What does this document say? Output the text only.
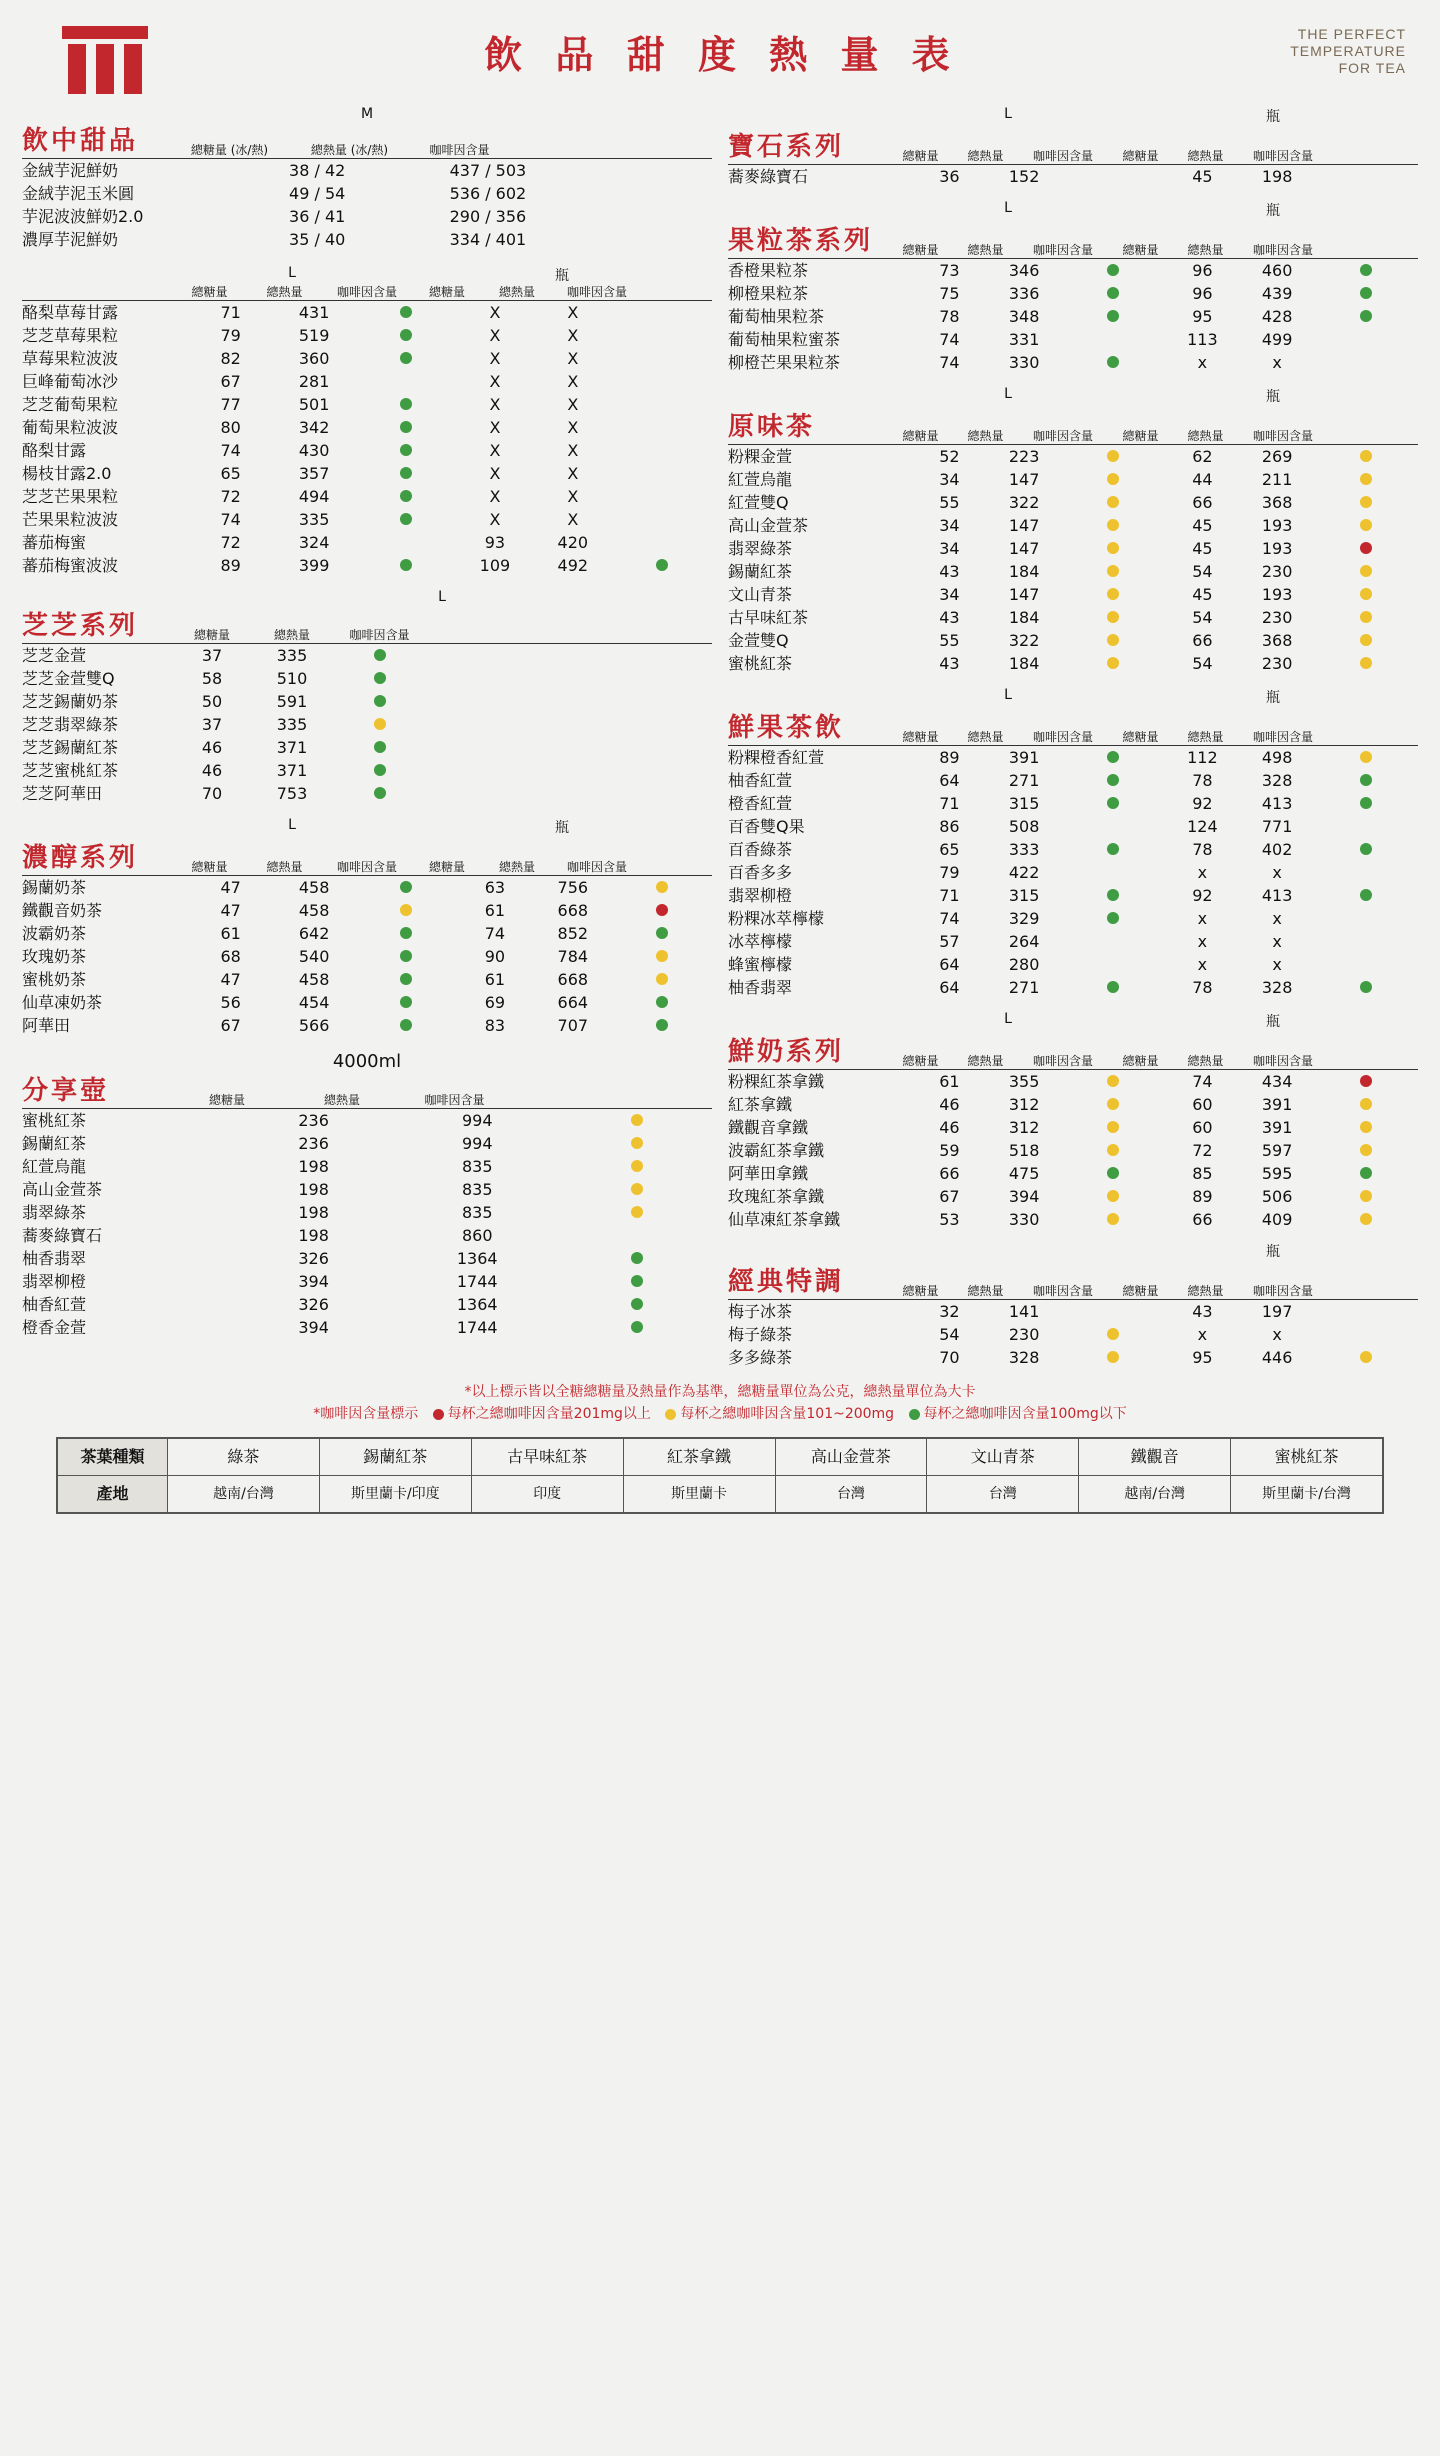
飲 品 甜 度 熱 量 表	THE PERFECT
TEMPERATURE
FOR TEA
M
飲中甜品	總糖量 (冰/熱)	總熱量 (冰/熱)	咖啡因含量
金絨芋泥鮮奶	38 / 42	437 / 503	
金絨芋泥玉米圓	49 / 54	536 / 602	
芋泥波波鮮奶2.0	36 / 41	290 / 356	
濃厚芋泥鮮奶	35 / 40	334 / 401	
L	瓶
總糖量	總熱量	咖啡因含量	總糖量	總熱量	咖啡因含量
酪梨草莓甘露	71	431		X	X	
芝芝草莓果粒	79	519		X	X	
草莓果粒波波	82	360		X	X	
巨峰葡萄冰沙	67	281		X	X	
芝芝葡萄果粒	77	501		X	X	
葡萄果粒波波	80	342		X	X	
酪梨甘露	74	430		X	X	
楊枝甘露2.0	65	357		X	X	
芝芝芒果果粒	72	494		X	X	
芒果果粒波波	74	335		X	X	
蕃茄梅蜜	72	324		93	420	
蕃茄梅蜜波波	89	399		109	492	
L
芝芝系列	總糖量	總熱量	咖啡因含量
芝芝金萱	37	335	
芝芝金萱雙Q	58	510	
芝芝錫蘭奶茶	50	591	
芝芝翡翠綠茶	37	335	
芝芝錫蘭紅茶	46	371	
芝芝蜜桃紅茶	46	371	
芝芝阿華田	70	753	
L	瓶
濃醇系列	總糖量	總熱量	咖啡因含量	總糖量	總熱量	咖啡因含量
錫蘭奶茶	47	458		63	756	
鐵觀音奶茶	47	458		61	668	
波霸奶茶	61	642		74	852	
玫瑰奶茶	68	540		90	784	
蜜桃奶茶	47	458		61	668	
仙草凍奶茶	56	454		69	664	
阿華田	67	566		83	707	
4000ml
分享壺	總糖量	總熱量	咖啡因含量
蜜桃紅茶	236	994	
錫蘭紅茶	236	994	
紅萱烏龍	198	835	
高山金萱茶	198	835	
翡翠綠茶	198	835	
蕎麥綠寶石	198	860	
柚香翡翠	326	1364	
翡翠柳橙	394	1744	
柚香紅萱	326	1364	
橙香金萱	394	1744	
L	瓶
寶石系列	總糖量	總熱量	咖啡因含量	總糖量	總熱量	咖啡因含量
蕎麥綠寶石	36	152		45	198	
L	瓶
果粒茶系列	總糖量	總熱量	咖啡因含量	總糖量	總熱量	咖啡因含量
香橙果粒茶	73	346		96	460	
柳橙果粒茶	75	336		96	439	
葡萄柚果粒茶	78	348		95	428	
葡萄柚果粒蜜茶	74	331		113	499	
柳橙芒果果粒茶	74	330		x	x	
L	瓶
原味茶	總糖量	總熱量	咖啡因含量	總糖量	總熱量	咖啡因含量
粉粿金萱	52	223		62	269	
紅萱烏龍	34	147		44	211	
紅萱雙Q	55	322		66	368	
高山金萱茶	34	147		45	193	
翡翠綠茶	34	147		45	193	
錫蘭紅茶	43	184		54	230	
文山青茶	34	147		45	193	
古早味紅茶	43	184		54	230	
金萱雙Q	55	322		66	368	
蜜桃紅茶	43	184		54	230	
L	瓶
鮮果茶飲	總糖量	總熱量	咖啡因含量	總糖量	總熱量	咖啡因含量
粉粿橙香紅萱	89	391		112	498	
柚香紅萱	64	271		78	328	
橙香紅萱	71	315		92	413	
百香雙Q果	86	508		124	771	
百香綠茶	65	333		78	402	
百香多多	79	422		x	x	
翡翠柳橙	71	315		92	413	
粉粿冰萃檸檬	74	329		x	x	
冰萃檸檬	57	264		x	x	
蜂蜜檸檬	64	280		x	x	
柚香翡翠	64	271		78	328	
L	瓶
鮮奶系列	總糖量	總熱量	咖啡因含量	總糖量	總熱量	咖啡因含量
粉粿紅茶拿鐵	61	355		74	434	
紅茶拿鐵	46	312		60	391	
鐵觀音拿鐵	46	312		60	391	
波霸紅茶拿鐵	59	518		72	597	
阿華田拿鐵	66	475		85	595	
玫瑰紅茶拿鐵	67	394		89	506	
仙草凍紅茶拿鐵	53	330		66	409	
瓶
經典特調	總糖量	總熱量	咖啡因含量	總糖量	總熱量	咖啡因含量
梅子冰茶	32	141		43	197	
梅子綠茶	54	230		x	x	
多多綠茶	70	328		95	446	
*以上標示皆以全糖總糖量及熱量作為基準，總糖量單位為公克，總熱量單位為大卡
*咖啡因含量標示 每杯之總咖啡因含量201mg以上 每杯之總咖啡因含量101~200mg 每杯之總咖啡因含量100mg以下
茶葉種類	綠茶	錫蘭紅茶	古早味紅茶	紅茶拿鐵	高山金萱茶	文山青茶	鐵觀音	蜜桃紅茶
產地	越南/台灣	斯里蘭卡/印度	印度	斯里蘭卡	台灣	台灣	越南/台灣	斯里蘭卡/台灣
